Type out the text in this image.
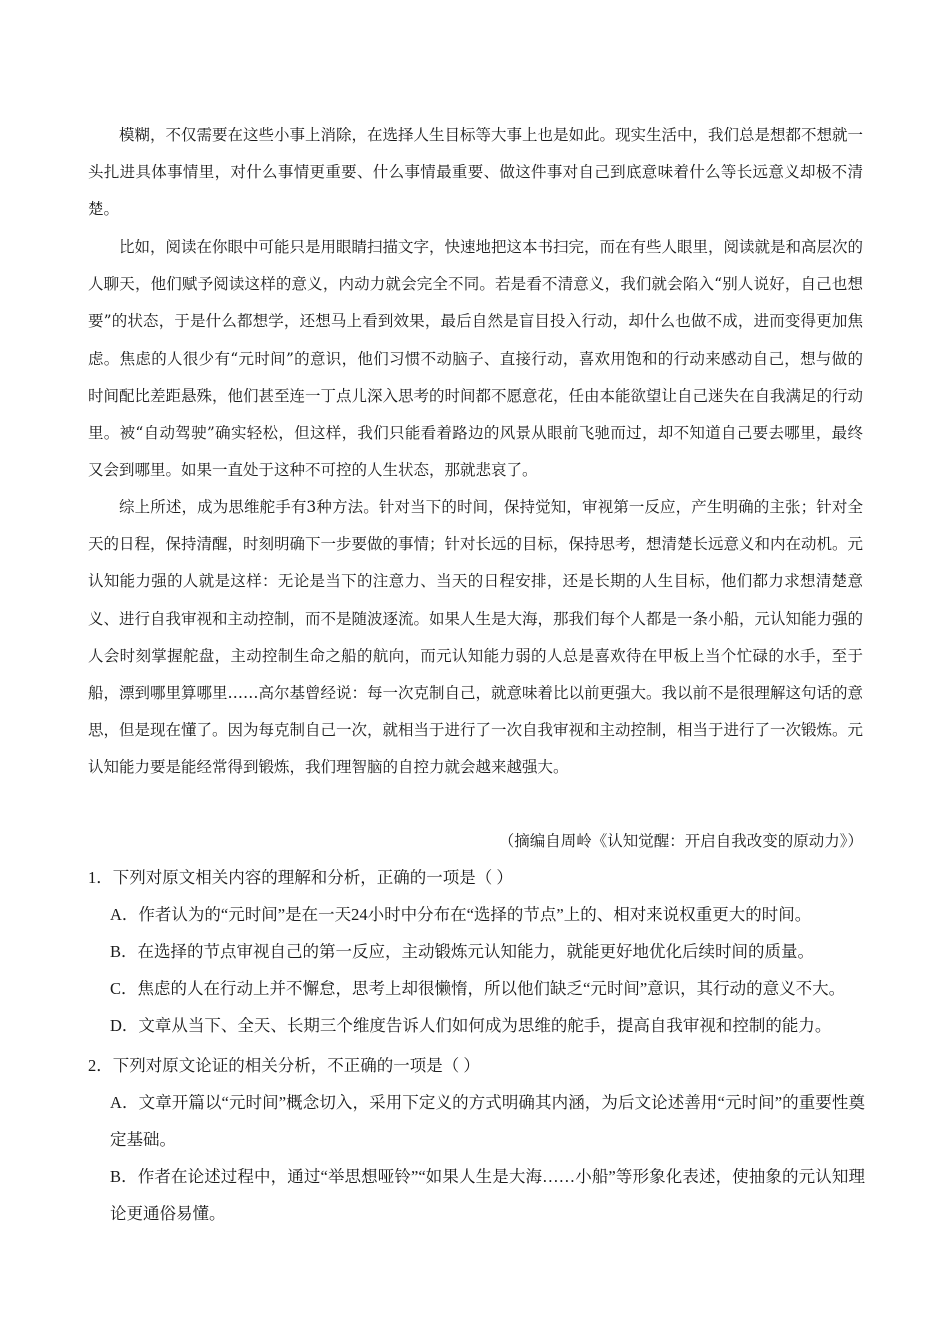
模糊，不仅需要在这些小事上消除，在选择人生目标等大事上也是如此。现实生活中，我们总是想都不想就一头扎进具体事情里，对什么事情更重要、什么事情最重要、做这件事对自己到底意味着什么等长远意义却极不清楚。

比如，阅读在你眼中可能只是用眼睛扫描文字，快速地把这本书扫完，而在有些人眼里，阅读就是和高层次的人聊天，他们赋予阅读这样的意义，内动力就会完全不同。若是看不清意义，我们就会陷入“别人说好，自己也想要”的状态，于是什么都想学，还想马上看到效果，最后自然是盲目投入行动，却什么也做不成，进而变得更加焦虑。焦虑的人很少有“元时间”的意识，他们习惯不动脑子、直接行动，喜欢用饱和的行动来感动自己，想与做的时间配比差距悬殊，他们甚至连一丁点儿深入思考的时间都不愿意花，任由本能欲望让自己迷失在自我满足的行动里。被“自动驾驶”确实轻松，但这样，我们只能看着路边的风景从眼前飞驰而过，却不知道自己要去哪里，最终又会到哪里。如果一直处于这种不可控的人生状态，那就悲哀了。

综上所述，成为思维舵手有3种方法。针对当下的时间，保持觉知，审视第一反应，产生明确的主张；针对全天的日程，保持清醒，时刻明确下一步要做的事情；针对长远的目标，保持思考，想清楚长远意义和内在动机。元认知能力强的人就是这样：无论是当下的注意力、当天的日程安排，还是长期的人生目标，他们都力求想清楚意义、进行自我审视和主动控制，而不是随波逐流。如果人生是大海，那我们每个人都是一条小船，元认知能力强的人会时刻掌握舵盘，主动控制生命之船的航向，而元认知能力弱的人总是喜欢待在甲板上当个忙碌的水手，至于船，漂到哪里算哪里……高尔基曾经说：每一次克制自己，就意味着比以前更强大。我以前不是很理解这句话的意思，但是现在懂了。因为每克制自己一次，就相当于进行了一次自我审视和主动控制，相当于进行了一次锻炼。元认知能力要是能经常得到锻炼，我们理智脑的自控力就会越来越强大。

（摘编自周岭《认知觉醒：开启自我改变的原动力》）

1．下列对原文相关内容的理解和分析，正确的一项是（ ）

A．作者认为的“元时间”是在一天24小时中分布在“选择的节点”上的、相对来说权重更大的时间。

B．在选择的节点审视自己的第一反应，主动锻炼元认知能力，就能更好地优化后续时间的质量。

C．焦虑的人在行动上并不懈怠，思考上却很懒惰，所以他们缺乏“元时间”意识，其行动的意义不大。

D．文章从当下、全天、长期三个维度告诉人们如何成为思维的舵手，提高自我审视和控制的能力。

2．下列对原文论证的相关分析，不正确的一项是（ ）

A．文章开篇以“元时间”概念切入，采用下定义的方式明确其内涵，为后文论述善用“元时间”的重要性奠定基础。

B．作者在论述过程中，通过“举思想哑铃”“如果人生是大海……小船”等形象化表述，使抽象的元认知理论更通俗易懂。
